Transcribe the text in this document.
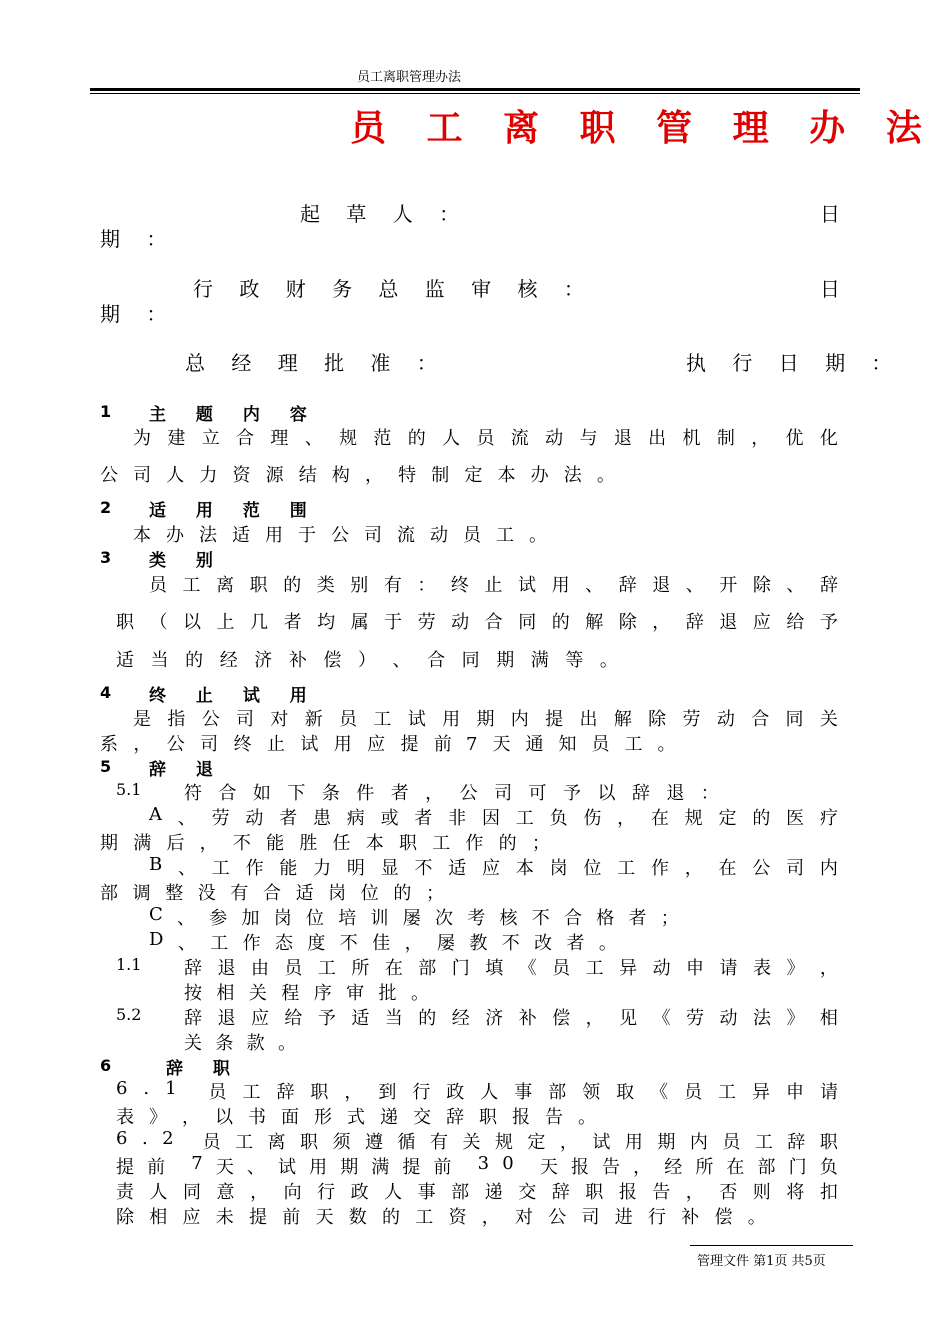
员工离职管理办法
员 工 离 职 管 理 办 法
起 草 人 ：	日
期 ：
行 政 财 务 总 监 审 核 ：	日
期 ：
总 经 理 批 准 ：	执 行 日 期 ：
1 主 题 内 容
为 建 立 合 理 、 规 范 的 人 员 流 动 与 退 出 机 制 ， 优 化
公 司 人 力 资 源 结 构 ， 特 制 定 本 办 法 。
2 适 用 范 围
本 办 法 适 用 于 公 司 流 动 员 工 。
3 类 别
员 工 离 职 的 类 别 有 ： 终 止 试 用 、 辞 退 、 开 除 、 辞
职 （ 以 上 几 者 均 属 于 劳 动 合 同 的 解 除 ， 辞 退 应 给 予
适 当 的 经 济 补 偿 ） 、 合 同 期 满 等 。
4 终 止 试 用
是 指 公 司 对 新 员 工 试 用 期 内 提 出 解 除 劳 动 合 同 关
系 ， 公 司 终 止 试 用 应 提 前 7天通知员工。
5 辞 退
5.1 符 合 如 下 条 件 者 ， 公 司 可 予 以 辞 退 ：
A 、 劳 动 者 患 病 或 者 非 因 工 负 伤 ， 在 规 定 的 医 疗
期 满 后 ， 不 能 胜 任 本 职 工 作 的 ；
B 、 工 作 能 力 明 显 不 适 应 本 岗 位 工 作 ， 在 公 司 内
部 调 整 没 有 合 适 岗 位 的 ；
C 、 参 加 岗 位 培 训 屡 次 考 核 不 合 格 者 ；
D 、 工 作 态 度 不 佳 ， 屡 教 不 改 者 。
1.1 辞 退 由 员 工 所 在 部 门 填 《 员 工 异 动 申 请 表 》 ，
按 相 关 程 序 审 批 。
5.2 辞 退 应 给 予 适 当 的 经 济 补 偿 ， 见 《 劳 动 法 》 相
关 条 款 。
6	辞 职
6 . 1 员 工 辞 职 ， 到 行 政 人 事 部 领 取 《 员 工 异 申 请
表 》 ， 以 书 面 形 式 递 交 辞 职 报 告 。
6 . 2 员 工 离 职 须 遵 循 有 关 规 定 ， 试 用 期 内 员 工 辞 职
提 前 7 天 、 试 用 期 满 提 前 3 0 天 报 告 ， 经 所 在 部 门 负
责 人 同 意 ， 向 行 政 人 事 部 递 交 辞 职 报 告 ， 否 则 将 扣
除 相 应 未 提 前 天 数 的 工 资 ， 对 公 司 进 行 补 偿 。
管理文件 第1页 共5页
